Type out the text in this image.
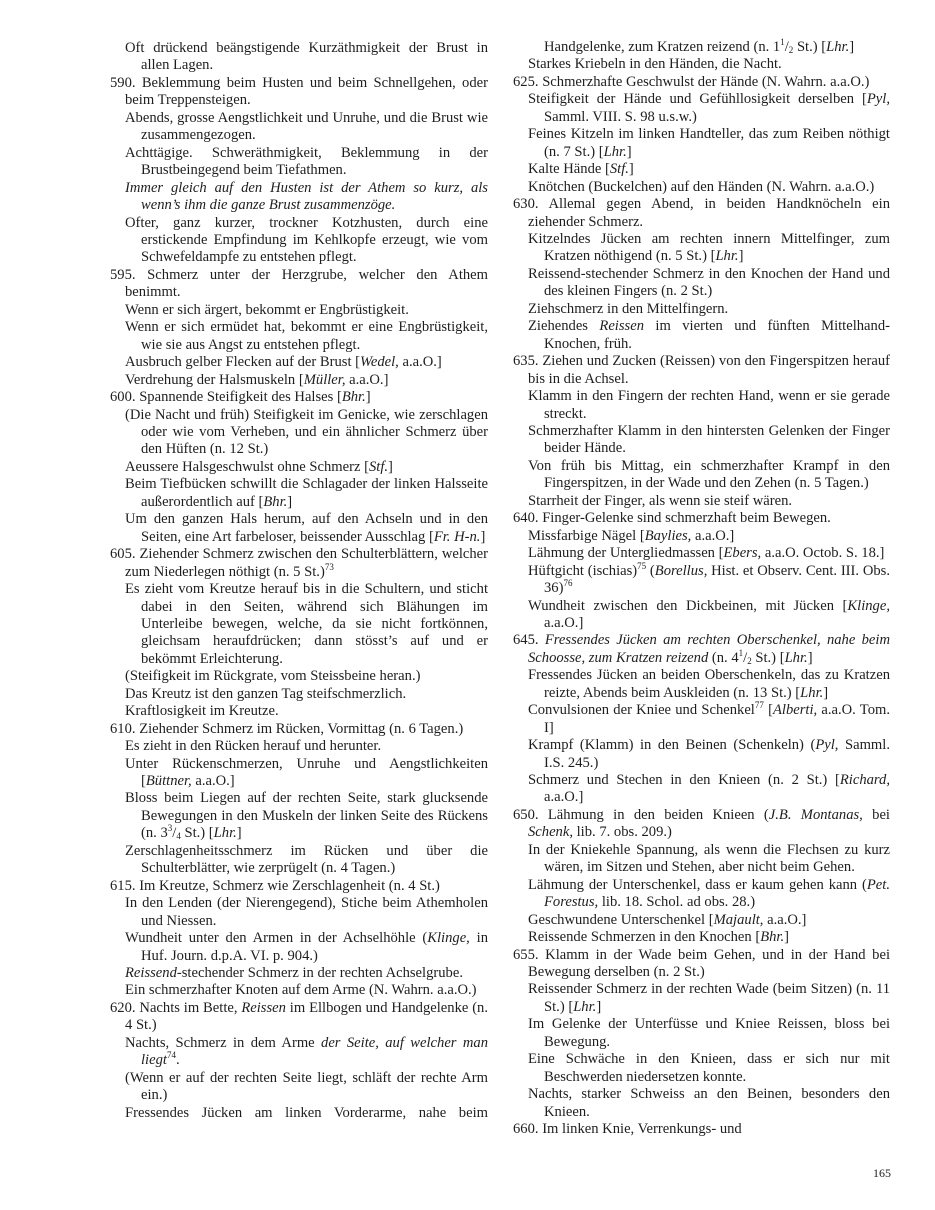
Oft drückend beängstigende Kurzäthmigkeit der Brust in allen Lagen.
590. Beklemmung beim Husten und beim Schnellgehen, oder beim Treppensteigen.
Abends, grosse Aengstlichkeit und Unruhe, und die Brust wie zusammengezogen.
Achttägige. Schweräthmigkeit, Beklemmung in der Brustbeingegend beim Tiefathmen.
Immer gleich auf den Husten ist der Athem so kurz, als wenn’s ihm die ganze Brust zusammenzöge.
Ofter, ganz kurzer, trockner Kotzhusten, durch eine erstickende Empfindung im Kehlkopfe erzeugt, wie vom Schwefeldampfe zu entstehen pflegt.
595. Schmerz unter der Herzgrube, welcher den Athem benimmt.
Wenn er sich ärgert, bekommt er Engbrüstigkeit.
Wenn er sich ermüdet hat, bekommt er eine Engbrüstigkeit, wie sie aus Angst zu entstehen pflegt.
Ausbruch gelber Flecken auf der Brust [Wedel, a.a.O.]
Verdrehung der Halsmuskeln [Müller, a.a.O.]
600. Spannende Steifigkeit des Halses [Bhr.]
(Die Nacht und früh) Steifigkeit im Genicke, wie zerschlagen oder wie vom Verheben, und ein ähnlicher Schmerz über den Hüften (n. 12 St.)
Aeussere Halsgeschwulst ohne Schmerz [Stf.]
Beim Tiefbücken schwillt die Schlagader der linken Halsseite außerordentlich auf [Bhr.]
Um den ganzen Hals herum, auf den Achseln und in den Seiten, eine Art farbeloser, beissender Ausschlag [Fr. H-n.]
605. Ziehender Schmerz zwischen den Schulterblättern, welcher zum Niederlegen nöthigt (n. 5 St.)$^{73}$
Es zieht vom Kreutze herauf bis in die Schultern, und sticht dabei in den Seiten, während sich Blähungen im Unterleibe bewegen, welche, da sie nicht fortkönnen, gleichsam heraufdrücken; dann stösst’s auf und er bekömmt Erleichterung.
(Steifigkeit im Rückgrate, vom Steissbeine heran.)
Das Kreutz ist den ganzen Tag steifschmerzlich.
Kraftlosigkeit im Kreutze.
610. Ziehender Schmerz im Rücken, Vormittag (n. 6 Tagen.)
Es zieht in den Rücken herauf und herunter.
Unter Rückenschmerzen, Unruhe und Aengstlichkeiten [Büttner, a.a.O.]
Bloss beim Liegen auf der rechten Seite, stark glucksende Bewegungen in den Muskeln der linken Seite des Rückens (n. $3^3/_4$ St.) [Lhr.]
Zerschlagenheitsschmerz im Rücken und über die Schulterblätter, wie zerprügelt (n. 4 Tagen.)
615. Im Kreutze, Schmerz wie Zerschlagenheit (n. 4 St.)
In den Lenden (der Nierengegend), Stiche beim Athemholen und Niessen.
Wundheit unter den Armen in der Achselhöhle (Klinge, in Huf. Journ. d.p.A. VI. p. 904.)
Reissend-stechender Schmerz in der rechten Achselgrube.
Ein schmerzhafter Knoten auf dem Arme (N. Wahrn. a.a.O.)
620. Nachts im Bette, Reissen im Ellbogen und Handgelenke (n. 4 St.)
Nachts, Schmerz in dem Arme der Seite, auf welcher man liegt$^{74}$.
(Wenn er auf der rechten Seite liegt, schläft der rechte Arm ein.)
Fressendes Jücken am linken Vorderarme, nahe beim
Handgelenke, zum Kratzen reizend (n. $1^1/_2$ St.) [Lhr.]
Starkes Kriebeln in den Händen, die Nacht.
625. Schmerzhafte Geschwulst der Hände (N. Wahrn. a.a.O.)
Steifigkeit der Hände und Gefühllosigkeit derselben [Pyl, Samml. VIII. S. 98 u.s.w.)
Feines Kitzeln im linken Handteller, das zum Reiben nöthigt (n. 7 St.) [Lhr.]
Kalte Hände [Stf.]
Knötchen (Buckelchen) auf den Händen (N. Wahrn. a.a.O.)
630. Allemal gegen Abend, in beiden Handknöcheln ein ziehender Schmerz.
Kitzelndes Jücken am rechten innern Mittelfinger, zum Kratzen nöthigend (n. 5 St.) [Lhr.]
Reissend-stechender Schmerz in den Knochen der Hand und des kleinen Fingers (n. 2 St.)
Ziehschmerz in den Mittelfingern.
Ziehendes Reissen im vierten und fünften Mittelhand-Knochen, früh.
635. Ziehen und Zucken (Reissen) von den Fingerspitzen herauf bis in die Achsel.
Klamm in den Fingern der rechten Hand, wenn er sie gerade streckt.
Schmerzhafter Klamm in den hintersten Gelenken der Finger beider Hände.
Von früh bis Mittag, ein schmerzhafter Krampf in den Fingerspitzen, in der Wade und den Zehen (n. 5 Tagen.)
Starrheit der Finger, als wenn sie steif wären.
640. Finger-Gelenke sind schmerzhaft beim Bewegen.
Missfarbige Nägel [Baylies, a.a.O.]
Lähmung der Untergliedmassen [Ebers, a.a.O. Octob. S. 18.]
Hüftgicht (ischias)$^{75}$ (Borellus, Hist. et Observ. Cent. III. Obs. 36)$^{76}$
Wundheit zwischen den Dickbeinen, mit Jücken [Klinge, a.a.O.]
645. Fressendes Jücken am rechten Oberschenkel, nahe beim Schoosse, zum Kratzen reizend (n. $4^1/_2$ St.) [Lhr.]
Fressendes Jücken an beiden Oberschenkeln, das zu Kratzen reizte, Abends beim Auskleiden (n. 13 St.) [Lhr.]
Convulsionen der Kniee und Schenkel$^{77}$ [Alberti, a.a.O. Tom. I]
Krampf (Klamm) in den Beinen (Schenkeln) (Pyl, Samml. I.S. 245.)
Schmerz und Stechen in den Knieen (n. 2 St.) [Richard, a.a.O.]
650. Lähmung in den beiden Knieen (J.B. Montanas, bei Schenk, lib. 7. obs. 209.)
In der Kniekehle Spannung, als wenn die Flechsen zu kurz wären, im Sitzen und Stehen, aber nicht beim Gehen.
Lähmung der Unterschenkel, dass er kaum gehen kann (Pet. Forestus, lib. 18. Schol. ad obs. 28.)
Geschwundene Unterschenkel [Majault, a.a.O.]
Reissende Schmerzen in den Knochen [Bhr.]
655. Klamm in der Wade beim Gehen, und in der Hand bei Bewegung derselben (n. 2 St.)
Reissender Schmerz in der rechten Wade (beim Sitzen) (n. 11 St.) [Lhr.]
Im Gelenke der Unterfüsse und Kniee Reissen, bloss bei Bewegung.
Eine Schwäche in den Knieen, dass er sich nur mit Beschwerden niedersetzen konnte.
Nachts, starker Schweiss an den Beinen, besonders den Knieen.
660. Im linken Knie, Verrenkungs- und
165
